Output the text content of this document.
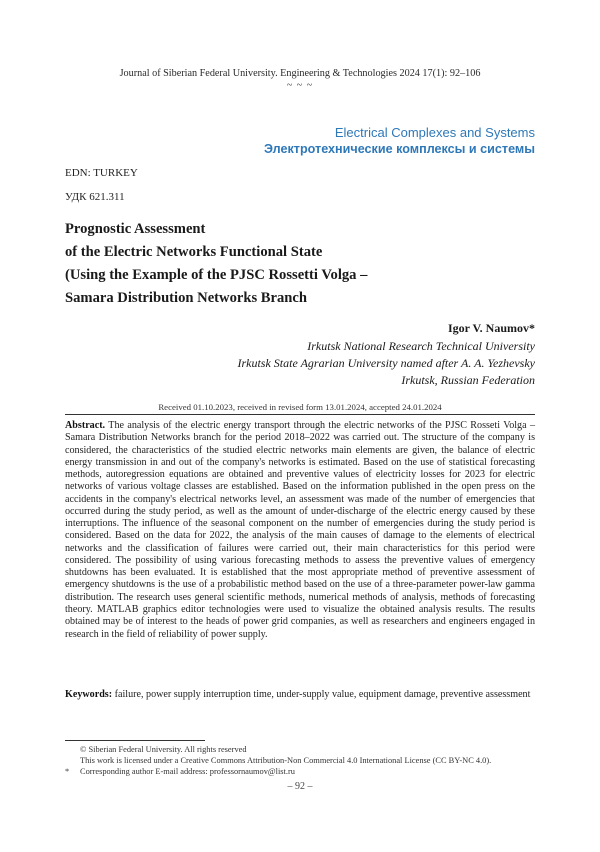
Journal of Siberian Federal University. Engineering & Technologies 2024 17(1): 92–106
~ ~ ~
Electrical Complexes and Systems
Электротехнические комплексы и системы
EDN: TURKEY
УДК 621.311
Prognostic Assessment
of the Electric Networks Functional State
(Using the Example of the PJSC Rossetti Volga –
Samara Distribution Networks Branch
Igor V. Naumov*
Irkutsk National Research Technical University
Irkutsk State Agrarian University named after A. A. Yezhevsky
Irkutsk, Russian Federation
Received 01.10.2023, received in revised form 13.01.2024, accepted 24.01.2024
Abstract. The analysis of the electric energy transport through the electric networks of the PJSC Rosseti Volga – Samara Distribution Networks branch for the period 2018–2022 was carried out. The structure of the company is considered, the characteristics of the studied electric networks main elements are given, the balance of electric energy transmission in and out of the company's networks is estimated. Based on the use of statistical forecasting methods, autoregression equations are obtained and preventive values of electricity losses for 2023 for electric networks of various voltage classes are established. Based on the information published in the open press on the accidents in the company's electrical networks level, an assessment was made of the number of emergencies that occurred during the study period, as well as the amount of under-discharge of the electric energy caused by these interruptions. The influence of the seasonal component on the number of emergencies during the study period is considered. Based on the data for 2022, the analysis of the main causes of damage to the elements of electrical networks and the classification of failures were carried out, their main characteristics for this period were considered. The possibility of using various forecasting methods to assess the preventive values of emergency shutdowns has been evaluated. It is established that the most appropriate method of preventive assessment of emergency shutdowns is the use of a probabilistic method based on the use of a three-parameter power-law gamma distribution. The research uses general scientific methods, numerical methods of analysis, methods of forecasting theory. MATLAB graphics editor technologies were used to visualize the obtained analysis results. The results obtained may be of interest to the heads of power grid companies, as well as researchers and engineers engaged in research in the field of reliability of power supply.
Keywords: failure, power supply interruption time, under-supply value, equipment damage, preventive assessment
© Siberian Federal University. All rights reserved
This work is licensed under a Creative Commons Attribution-Non Commercial 4.0 International License (CC BY-NC 4.0).
* Corresponding author E-mail address: professornaumov@list.ru
– 92 –
